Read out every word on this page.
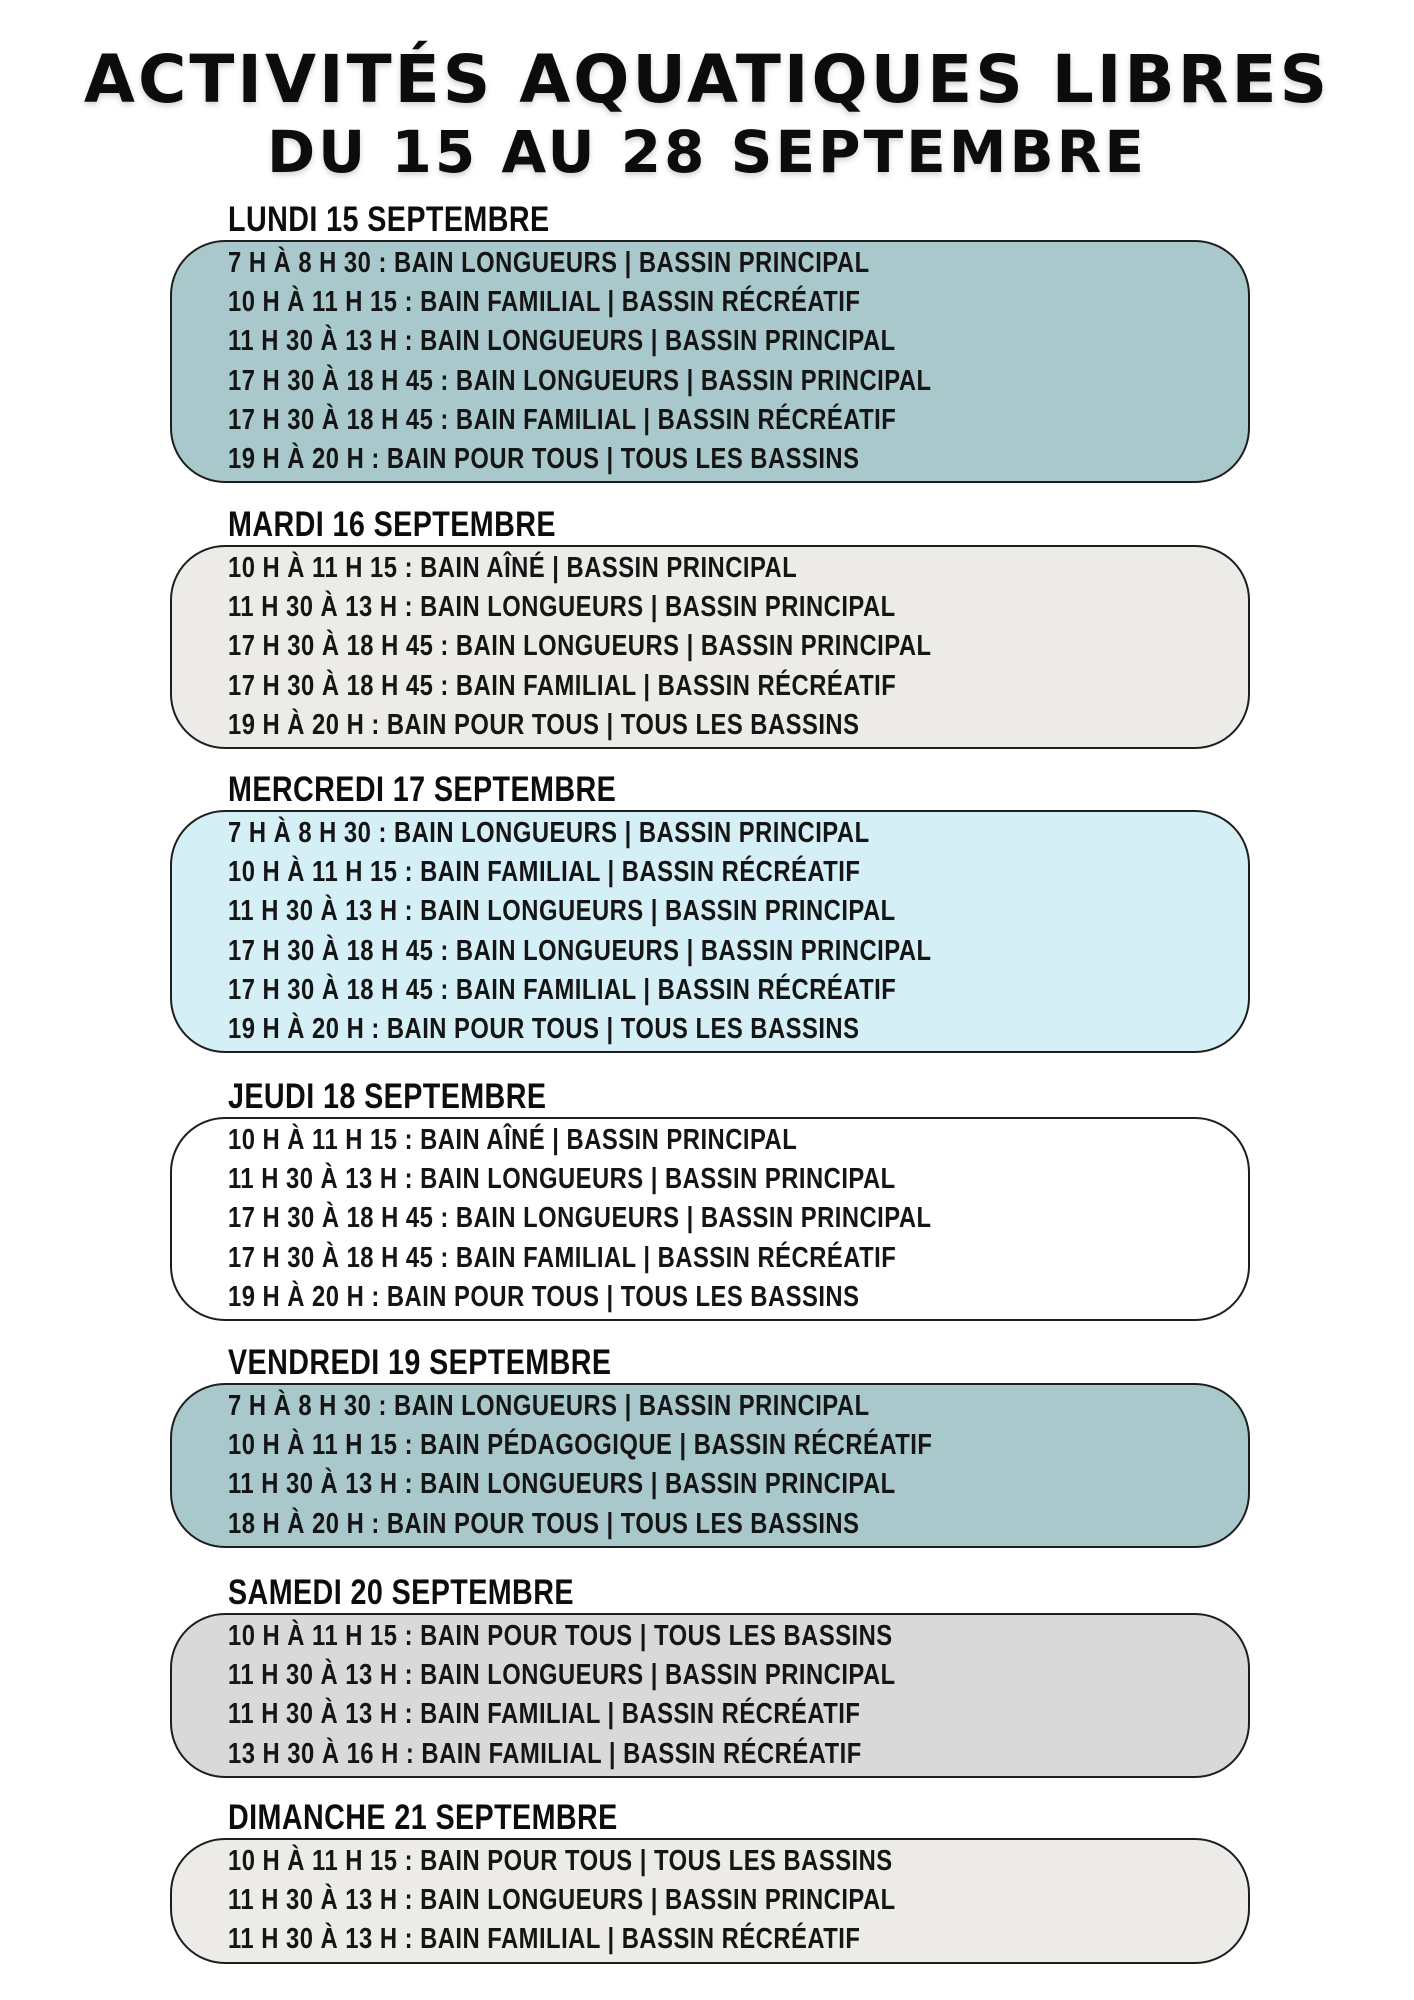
ACTIVITÉS AQUATIQUES LIBRES
DU 15 AU 28 SEPTEMBRE
LUNDI 15 SEPTEMBRE
7 H À 8 H 30 : BAIN LONGUEURS | BASSIN PRINCIPAL
10 H À 11 H 15 : BAIN FAMILIAL | BASSIN RÉCRÉATIF
11 H 30 À 13 H : BAIN LONGUEURS | BASSIN PRINCIPAL
17 H 30 À 18 H 45 : BAIN LONGUEURS | BASSIN PRINCIPAL
17 H 30 À 18 H 45 : BAIN FAMILIAL | BASSIN RÉCRÉATIF
19 H À 20 H : BAIN POUR TOUS | TOUS LES BASSINS
MARDI 16 SEPTEMBRE
10 H À 11 H 15 : BAIN AÎNÉ | BASSIN PRINCIPAL
11 H 30 À 13 H : BAIN LONGUEURS | BASSIN PRINCIPAL
17 H 30 À 18 H 45 : BAIN LONGUEURS | BASSIN PRINCIPAL
17 H 30 À 18 H 45 : BAIN FAMILIAL | BASSIN RÉCRÉATIF
19 H À 20 H : BAIN POUR TOUS | TOUS LES BASSINS
MERCREDI 17 SEPTEMBRE
7 H À 8 H 30 : BAIN LONGUEURS | BASSIN PRINCIPAL
10 H À 11 H 15 : BAIN FAMILIAL | BASSIN RÉCRÉATIF
11 H 30 À 13 H : BAIN LONGUEURS | BASSIN PRINCIPAL
17 H 30 À 18 H 45 : BAIN LONGUEURS | BASSIN PRINCIPAL
17 H 30 À 18 H 45 : BAIN FAMILIAL | BASSIN RÉCRÉATIF
19 H À 20 H : BAIN POUR TOUS | TOUS LES BASSINS
JEUDI 18 SEPTEMBRE
10 H À 11 H 15 : BAIN AÎNÉ | BASSIN PRINCIPAL
11 H 30 À 13 H : BAIN LONGUEURS | BASSIN PRINCIPAL
17 H 30 À 18 H 45 : BAIN LONGUEURS | BASSIN PRINCIPAL
17 H 30 À 18 H 45 : BAIN FAMILIAL | BASSIN RÉCRÉATIF
19 H À 20 H : BAIN POUR TOUS | TOUS LES BASSINS
VENDREDI 19 SEPTEMBRE
7 H À 8 H 30 : BAIN LONGUEURS | BASSIN PRINCIPAL
10 H À 11 H 15 : BAIN PÉDAGOGIQUE | BASSIN RÉCRÉATIF
11 H 30 À 13 H : BAIN LONGUEURS | BASSIN PRINCIPAL
18 H À 20 H : BAIN POUR TOUS | TOUS LES BASSINS
SAMEDI 20 SEPTEMBRE
10 H À 11 H 15 : BAIN POUR TOUS | TOUS LES BASSINS
11 H 30 À 13 H : BAIN LONGUEURS | BASSIN PRINCIPAL
11 H 30 À 13 H : BAIN FAMILIAL | BASSIN RÉCRÉATIF
13 H 30 À 16 H : BAIN FAMILIAL | BASSIN RÉCRÉATIF
DIMANCHE 21 SEPTEMBRE
10 H À 11 H 15 : BAIN POUR TOUS | TOUS LES BASSINS
11 H 30 À 13 H : BAIN LONGUEURS | BASSIN PRINCIPAL
11 H 30 À 13 H : BAIN FAMILIAL | BASSIN RÉCRÉATIF
